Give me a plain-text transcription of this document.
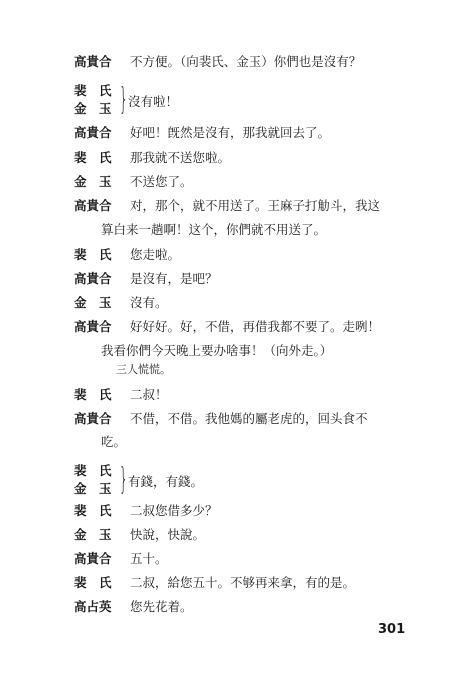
高貴合	不方便。（向裴氏、金玉）你們也是沒有？
裴　氏
金　玉 } 沒有啦！
高貴合	好吧！旣然是沒有，那我就回去了。
裴　氏	那我就不送您啦。
金　玉	不送您了。
高貴合	对，那个，就不用送了。王麻子打觔斗，我这
算白来一趟啊！这个，你們就不用送了。
裴　氏	您走啦。
高貴合	是沒有，是吧？
金　玉	沒有。
高貴合	好好好。好，不借，再借我都不要了。走咧！
我看你們今天晚上要办啥事！（向外走。）
三人慌慌。
裴　氏	二叔！
高貴合	不借，不借。我他媽的屬老虎的，回头食不
吃。
裴　氏
金　玉 } 有錢，有錢。
裴　氏	二叔您借多少？
金　玉	快說，快說。
高貴合	五十。
裴　氏	二叔，給您五十。不够再来拿，有的是。
高占英	您先花着。
301
